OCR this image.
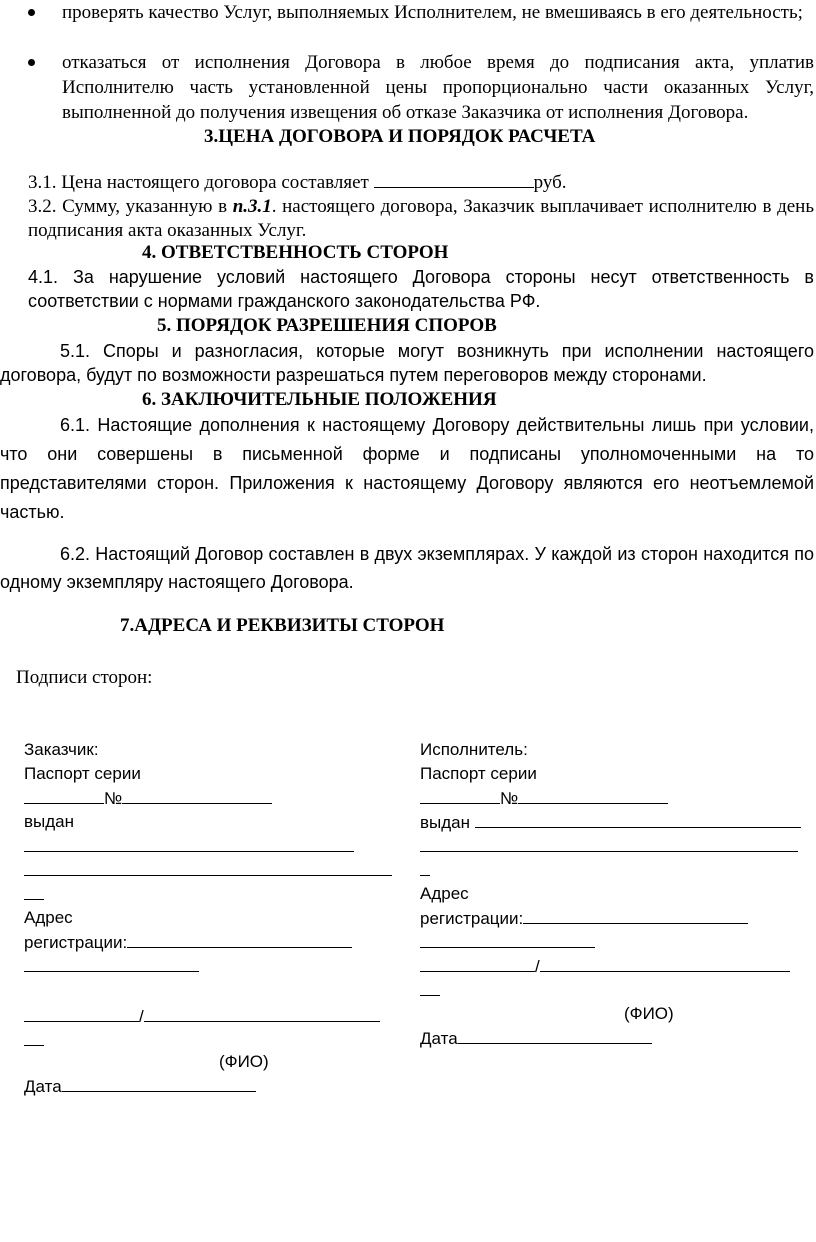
проверять качество Услуг, выполняемых Исполнителем, не вмешиваясь в его деятельность;

отказаться от исполнения Договора в любое время до подписания акта, уплатив Исполнителю часть установленной цены пропорционально части оказанных Услуг, выполненной до получения извещения об отказе Заказчика от исполнения Договора.

3.ЦЕНА ДОГОВОРА И ПОРЯДОК РАСЧЕТА

3.1. Цена настоящего договора составляет	руб.

3.2. Сумму, указанную в п.3.1. настоящего договора, Заказчик выплачивает исполнителю в день подписания акта оказанных Услуг.

4. ОТВЕТСТВЕННОСТЬ СТОРОН

4.1. За нарушение условий настоящего Договора стороны несут ответственность в соответствии с нормами гражданского законодательства РФ.

5. ПОРЯДОК РАЗРЕШЕНИЯ СПОРОВ

5.1. Споры и разногласия, которые могут возникнуть при исполнении настоящего договора, будут по возможности разрешаться путем переговоров между сторонами.

6. ЗАКЛЮЧИТЕЛЬНЫЕ ПОЛОЖЕНИЯ

6.1. Настоящие дополнения к настоящему Договору действительны лишь при условии, что они совершены в письменной форме и подписаны уполномоченными на то представителями сторон. Приложения к настоящему Договору являются его неотъемлемой частью.

6.2. Настоящий Договор составлен в двух экземплярах. У каждой из сторон находится по одному экземпляру настоящего Договора.

7.АДРЕСА И РЕКВИЗИТЫ СТОРОН
Подписи сторон:
Заказчик:
Паспорт серии
№
выдан
Адрес
регистрации:
/
(ФИО)
Дата
Исполнитель:
Паспорт серии
№
выдан
Адрес
регистрации:
/
(ФИО)
Дата
